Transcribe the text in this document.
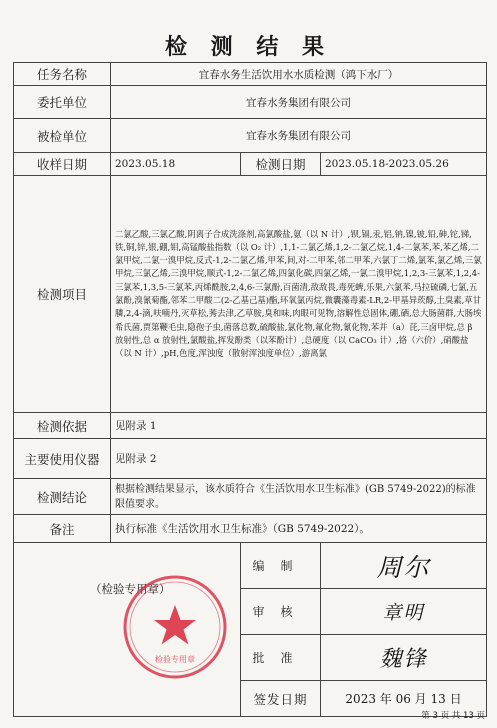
检 测 结 果
任务名称	宜春水务生活饮用水水质检测（鸿下水厂）		
委托单位	宜春水务集团有限公司		
被检单位	宜春水务集团有限公司		
收样日期	2023.05.18	检测日期	2023.05.18-2023.05.26
检测项目	二氯乙酸,三氯乙酸,阴离子合成洗涤剂,高氯酸盐,氨（以 N 计）,钡,镉,汞,铝,钠,镍,铍,铅,砷,铊,锑,铁,铜,锌,银,硼,钼,高锰酸盐指数（以 O₂ 计）,1,1-二氯乙烯,1,2-二氯乙烷,1,4-二氯苯,苯,苯乙烯,二氯甲烷,二氯一溴甲烷,反式-1,2-二氯乙烯,甲苯,间,对-二甲苯,邻二甲苯,六氯丁二烯,氯苯,氯乙烯,三氯甲烷,三氯乙烯,三溴甲烷,顺式-1,2-二氯乙烯,四氯化碳,四氯乙烯,一氯二溴甲烷,1,2,3-三氯苯,1,2,4-三氯苯,1,3,5-三氯苯,丙烯酰胺,2,4,6-三氯酚,百菌清,敌敌畏,毒死蜱,乐果,六氯苯,马拉硫磷,七氯,五氯酚,溴氰菊酯,邻苯二甲酸二(2-乙基己基)酯,环氧氯丙烷,微囊藻毒素-LR,2-甲基异莰醇,土臭素,草甘膦,2,4-滴,呋喃丹,灭草松,莠去津,乙草胺,臭和味,肉眼可见物,溶解性总固体,硼,硒,总大肠菌群,大肠埃希氏菌,贾第鞭毛虫,隐孢子虫,菌落总数,硫酸盐,氯化物,氟化物,氰化物,苯并（a）芘,三卤甲烷,总 β 放射性,总 α 放射性,氯酸盐,挥发酚类（以苯酚计）,总硬度（以 CaCO₃ 计）,铬（六价）,硝酸盐（以 N 计）,pH,色度,浑浊度（散射浑浊度单位）,游离氯		
检测依据	见附录 1		
主要使用仪器	见附录 2		
检测结论	根据检测结果显示，该水质符合《生活饮用水卫生标准》(GB 5749-2022)的标准限值要求。		
备注	执行标准《生活饮用水卫生标准》（GB 5749-2022）。		
		编制	周尔
		审核	章明
		批准	魏锋
		签发日期	2023 年 06 月 13 日
（检验专用章）
检验专用章
第 3 页 共 13 页
